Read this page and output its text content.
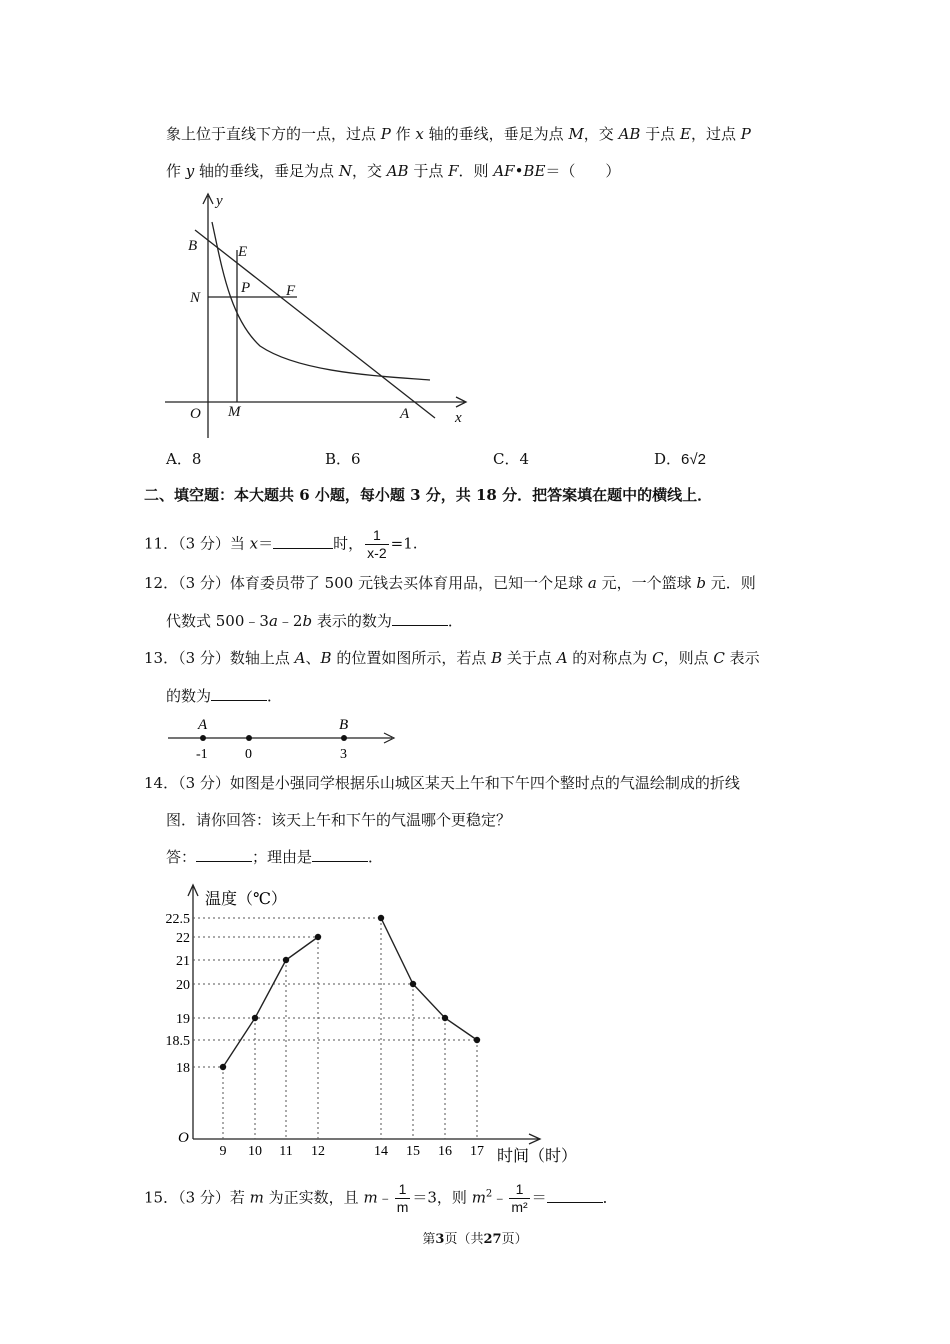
象上位于直线下方的一点，过点 P 作 x 轴的垂线，垂足为点 M，交 AB 于点 E，过点 P
作 y 轴的垂线，垂足为点 N，交 AB 于点 F．则 AF•BE＝（　　）
y
x
O M	A
B
N
E
P F
A．8	B．6	C．4	D．6√2
二、填空题：本大题共 6 小题，每小题 3 分，共 18 分．把答案填在题中的横线上．
11．（3 分）当 x＝	时， $\frac{1}{x-2} =1$.
12．（3 分）体育委员带了 500 元钱去买体育用品，已知一个足球 a 元，一个篮球 b 元．则
代数式 500﹣3a﹣2b 表示的数为	．
13．（3 分）数轴上点 A、B 的位置如图所示，若点 B 关于点 A 的对称点为 C，则点 C 表示
的数为	．
A	B
-1	0	3
14．（3 分）如图是小强同学根据乐山城区某天上午和下午四个整时点的气温绘制成的折线
图．请你回答：该天上午和下午的气温哪个更稳定？
答：	；理由是	．
9 10 11 12	14 15 16 17
18
18.5
19
20
21
22
22.5
温度（℃）
时间（时）
O
15．（3 分）若 m 为正实数，且 m﹣ $\frac{1}{m} =3$，则 $m^2﹣ \frac{1}{\text{m²}}$ ＝	．
第3页（共27页）
